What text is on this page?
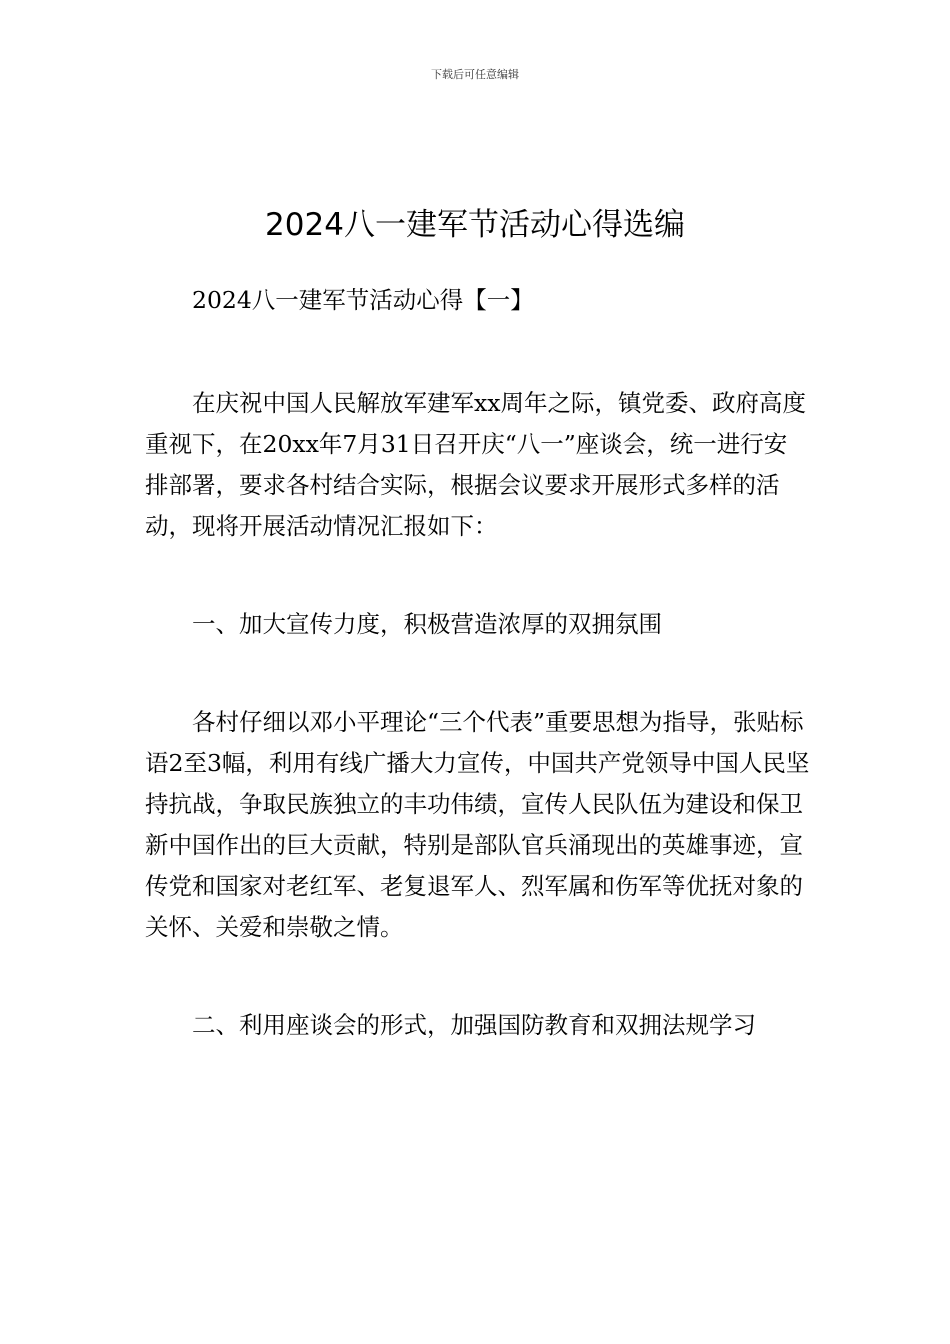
下载后可任意编辑
2024八一建军节活动心得选编

2024八一建军节活动心得【一】

在庆祝中国人民解放军建军xx周年之际，镇党委、政府高度重视下，在20xx年7月31日召开庆“八一”座谈会，统一进行安排部署，要求各村结合实际，根据会议要求开展形式多样的活动，现将开展活动情况汇报如下：

一、加大宣传力度，积极营造浓厚的双拥氛围

各村仔细以邓小平理论“三个代表”重要思想为指导，张贴标语2至3幅，利用有线广播大力宣传，中国共产党领导中国人民坚持抗战，争取民族独立的丰功伟绩，宣传人民队伍为建设和保卫新中国作出的巨大贡献，特别是部队官兵涌现出的英雄事迹，宣传党和国家对老红军、老复退军人、烈军属和伤军等优抚对象的关怀、关爱和崇敬之情。

二、利用座谈会的形式，加强国防教育和双拥法规学习
